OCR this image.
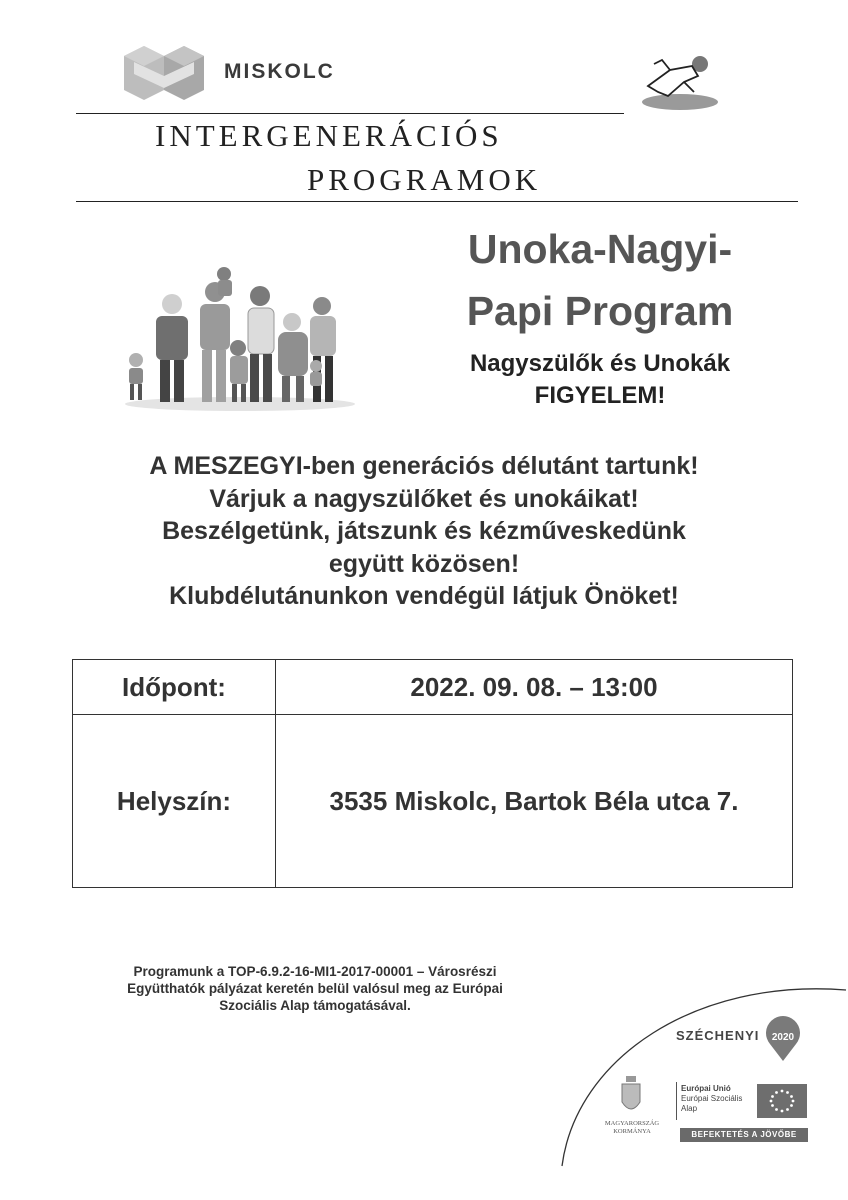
MISKOLC
INTERGENERÁCIÓS
PROGRAMOK
Unoka-Nagyi-
Papi Program
Nagyszülők és Unokák
FIGYELEM!
A MESZEGYI-ben generációs délutánt tartunk!
Várjuk a nagyszülőket és unokáikat!
Beszélgetünk, játszunk és kézműveskedünk
együtt közösen!
Klubdélutánunkon vendégül látjuk Önöket!
Időpont:	2022. 09. 08. – 13:00
Helyszín:	3535 Miskolc, Bartok Béla utca 7.
Programunk a TOP-6.9.2-16-MI1-2017-00001 – Városrészi
Együtthatók pályázat keretén belül valósul meg az Európai
Szociális Alap támogatásával.
SZÉCHENYI 2020
MAGYARORSZÁG
KORMÁNYA
Európai Unió
Európai Szociális
Alap
BEFEKTETÉS A JÖVŐBE
